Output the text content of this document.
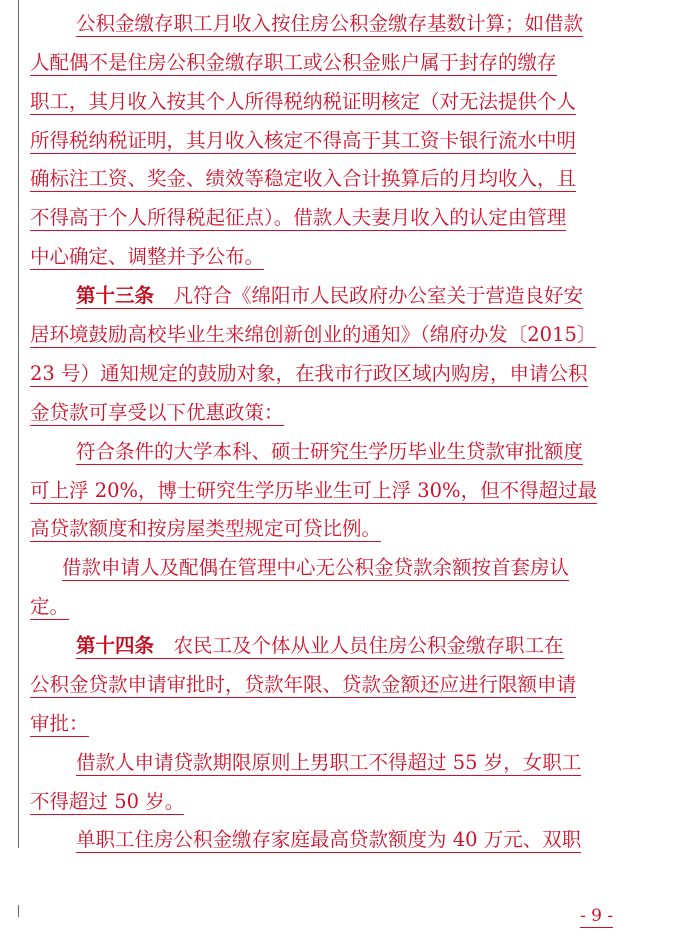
公积金缴存职工月收入按住房公积金缴存基数计算；如借款
人配偶不是住房公积金缴存职工或公积金账户属于封存的缴存
职工，其月收入按其个人所得税纳税证明核定（对无法提供个人
所得税纳税证明，其月收入核定不得高于其工资卡银行流水中明
确标注工资、奖金、绩效等稳定收入合计换算后的月均收入，且
不得高于个人所得税起征点）。借款人夫妻月收入的认定由管理
中心确定、调整并予公布。
第十三条　 凡符合《绵阳市人民政府办公室关于营造良好安
居环境鼓励高校毕业生来绵创新创业的通知》（绵府办发〔2015〕
23 号）通知规定的鼓励对象，在我市行政区域内购房，申请公积
金贷款可享受以下优惠政策：
符合条件的大学本科、硕士研究生学历毕业生贷款审批额度
可上浮 20%，博士研究生学历毕业生可上浮 30%，但不得超过最
高贷款额度和按房屋类型规定可贷比例。
借款申请人及配偶在管理中心无公积金贷款余额按首套房认
定。
第十四条　 农民工及个体从业人员住房公积金缴存职工在
公积金贷款申请审批时，贷款年限、贷款金额还应进行限额申请
审批：
借款人申请贷款期限原则上男职工不得超过 55 岁，女职工
不得超过 50 岁。
单职工住房公积金缴存家庭最高贷款额度为 40 万元、双职
- 9 -
